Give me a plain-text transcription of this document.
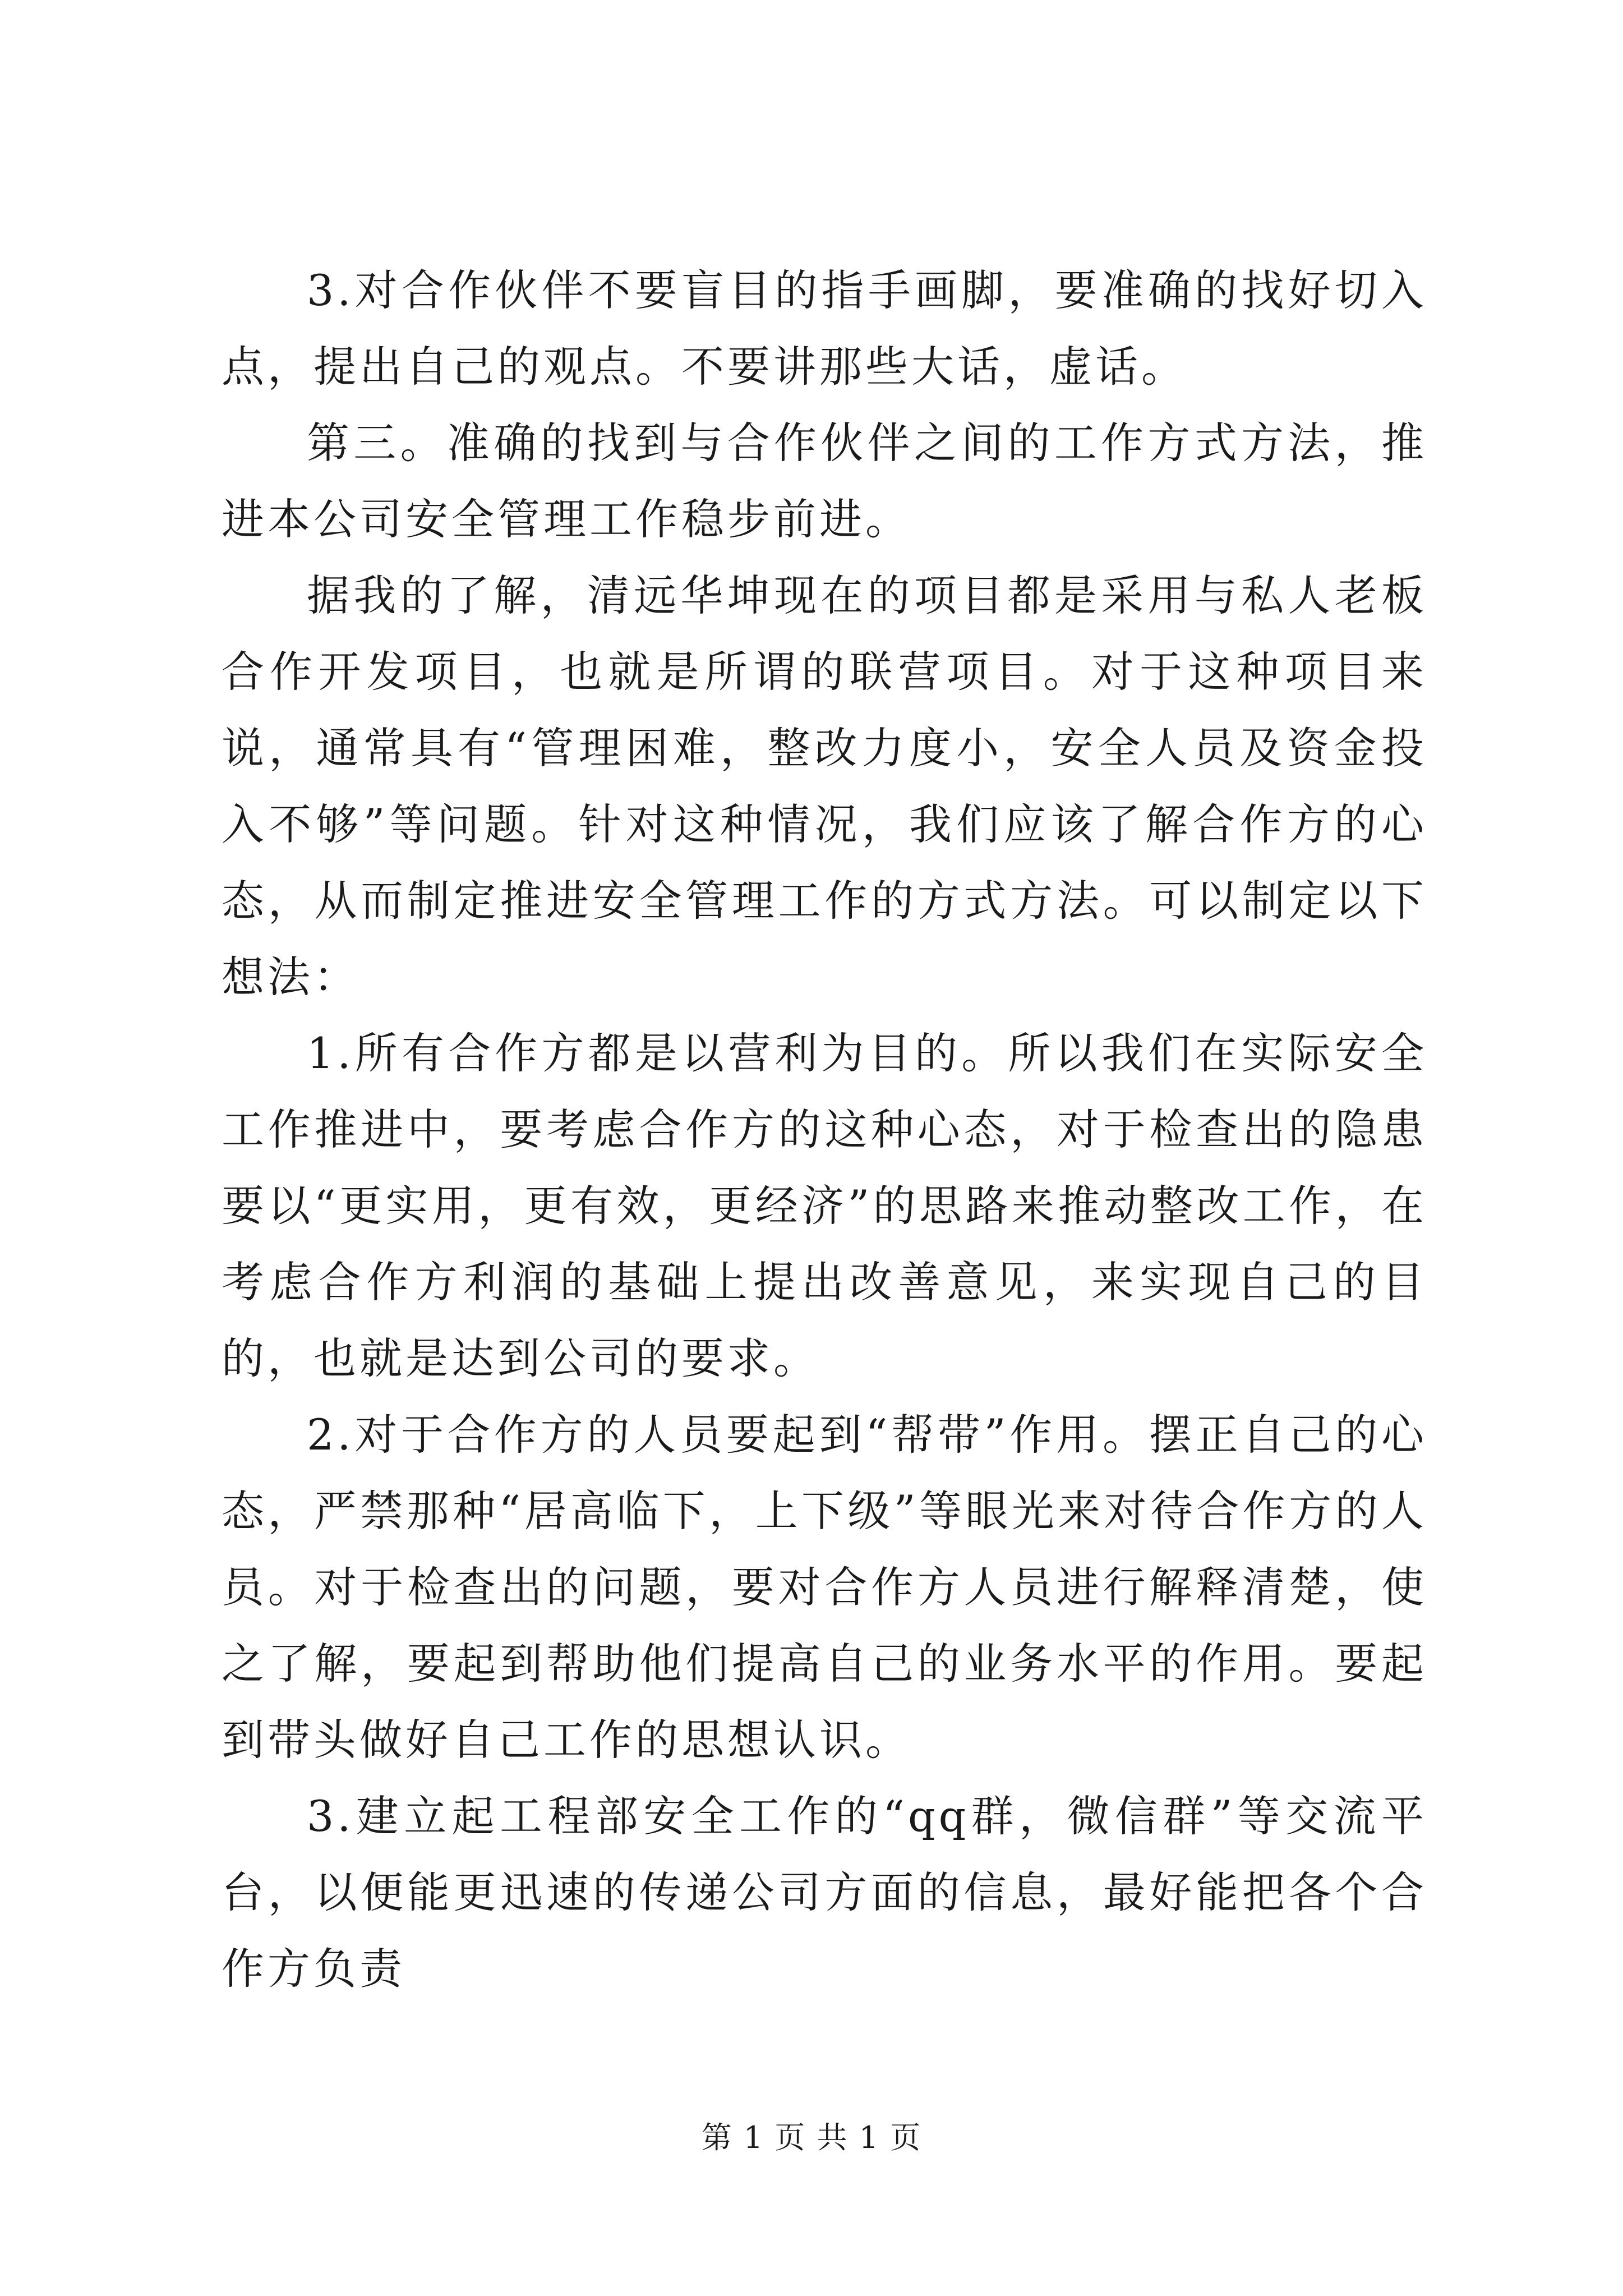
3.对合作伙伴不要盲目的指手画脚，要准确的找好切入点，提出自己的观点。不要讲那些大话，虚话。

第三。准确的找到与合作伙伴之间的工作方式方法，推进本公司安全管理工作稳步前进。

据我的了解，清远华坤现在的项目都是采用与私人老板合作开发项目，也就是所谓的联营项目。对于这种项目来说，通常具有“管理困难，整改力度小，安全人员及资金投入不够”等问题。针对这种情况，我们应该了解合作方的心态，从而制定推进安全管理工作的方式方法。可以制定以下想法：

1.所有合作方都是以营利为目的。所以我们在实际安全工作推进中，要考虑合作方的这种心态，对于检查出的隐患要以“更实用，更有效，更经济”的思路来推动整改工作，在考虑合作方利润的基础上提出改善意见，来实现自己的目的，也就是达到公司的要求。

2.对于合作方的人员要起到“帮带”作用。摆正自己的心态，严禁那种“居高临下，上下级”等眼光来对待合作方的人员。对于检查出的问题，要对合作方人员进行解释清楚，使之了解，要起到帮助他们提高自己的业务水平的作用。要起到带头做好自己工作的思想认识。

3.建立起工程部安全工作的“qq群，微信群”等交流平台，以便能更迅速的传递公司方面的信息，最好能把各个合作方负责

第 1 页 共 1 页
